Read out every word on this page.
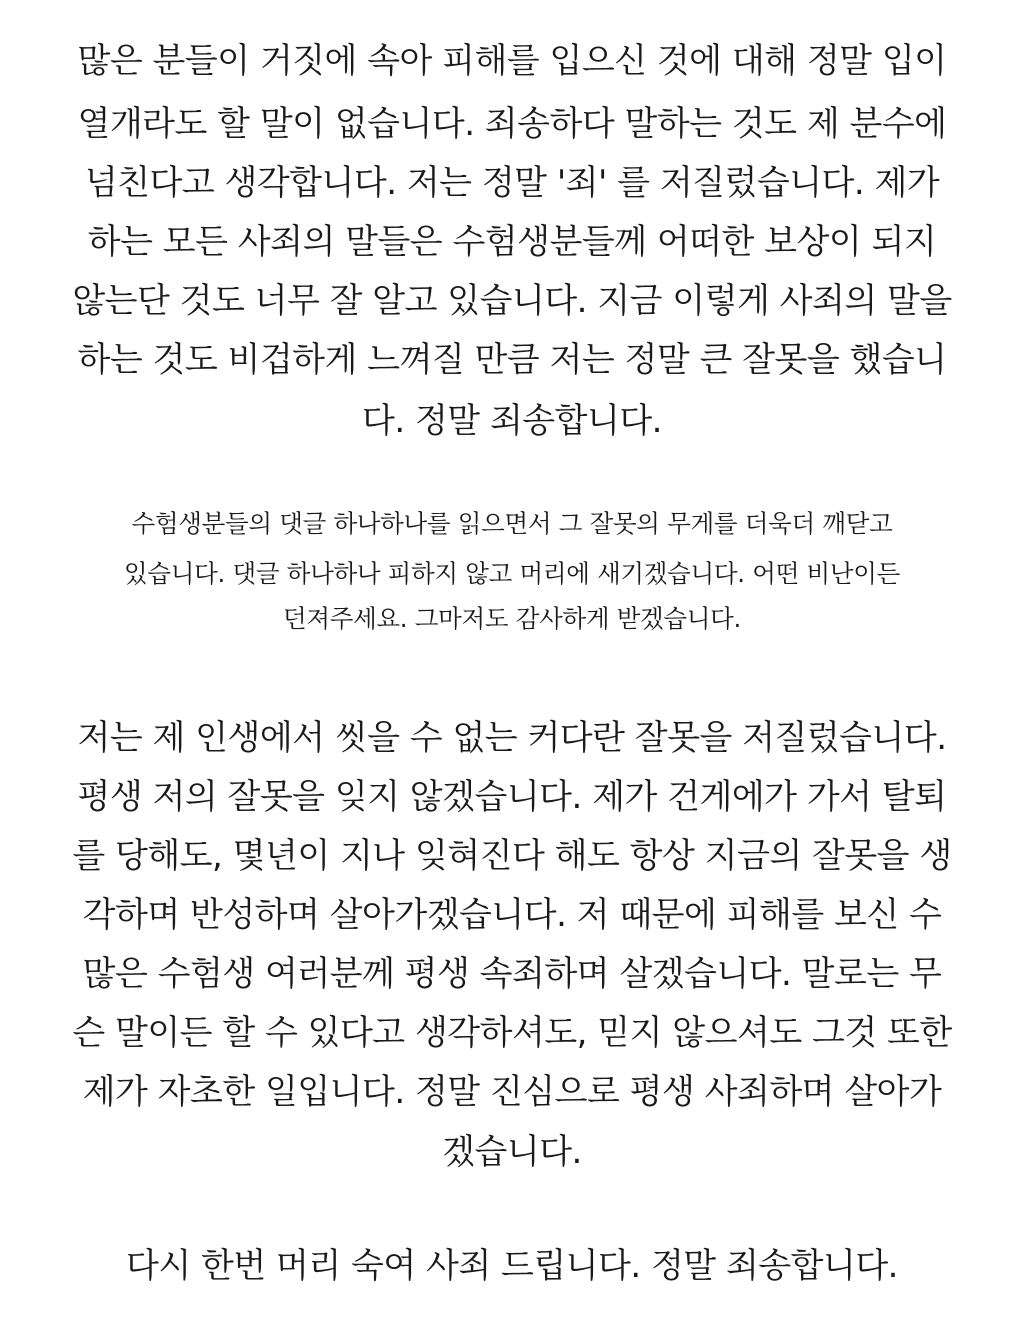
많은 분들이 거짓에 속아 피해를 입으신 것에 대해 정말 입이

열개라도 할 말이 없습니다. 죄송하다 말하는 것도 제 분수에

넘친다고 생각합니다. 저는 정말 '죄' 를 저질렀습니다. 제가

하는 모든 사죄의 말들은 수험생분들께 어떠한 보상이 되지

않는단 것도 너무 잘 알고 있습니다. 지금 이렇게 사죄의 말을

하는 것도 비겁하게 느껴질 만큼 저는 정말 큰 잘못을 했습니

다. 정말 죄송합니다.

수험생분들의 댓글 하나하나를 읽으면서 그 잘못의 무게를 더욱더 깨닫고

있습니다. 댓글 하나하나 피하지 않고 머리에 새기겠습니다. 어떤 비난이든

던져주세요. 그마저도 감사하게 받겠습니다.

저는 제 인생에서 씻을 수 없는 커다란 잘못을 저질렀습니다.

평생 저의 잘못을 잊지 않겠습니다. 제가 건게에가 가서 탈퇴

를 당해도, 몇년이 지나 잊혀진다 해도 항상 지금의 잘못을 생

각하며 반성하며 살아가겠습니다. 저 때문에 피해를 보신 수

많은 수험생 여러분께 평생 속죄하며 살겠습니다. 말로는 무

슨 말이든 할 수 있다고 생각하셔도, 믿지 않으셔도 그것 또한

제가 자초한 일입니다. 정말 진심으로 평생 사죄하며 살아가

겠습니다.

다시 한번 머리 숙여 사죄 드립니다. 정말 죄송합니다.
